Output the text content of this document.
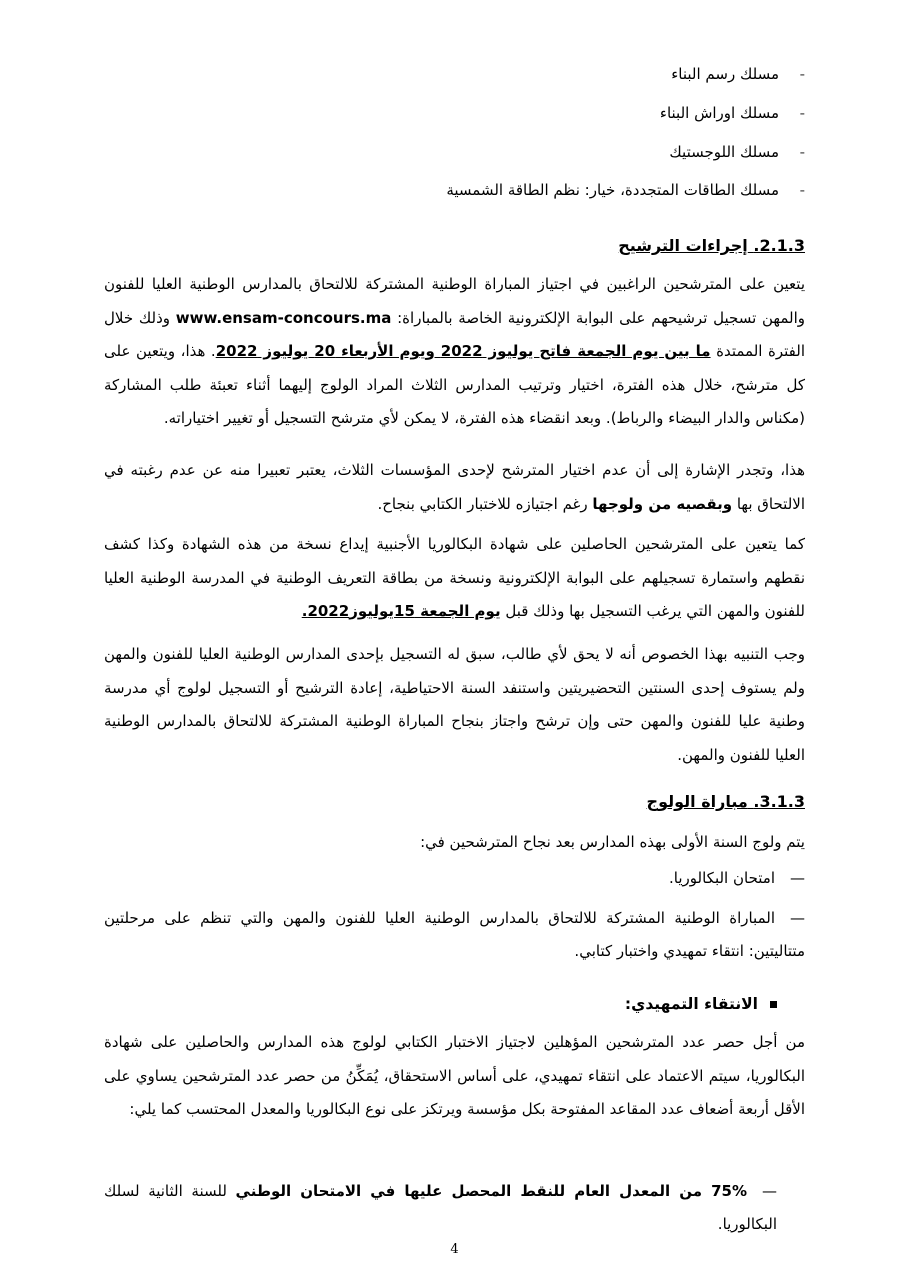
-مسلك رسم البناء
-مسلك اوراش البناء
-مسلك اللوجستيك
-مسلك الطاقات المتجددة، خيار: نظم الطاقة الشمسية
.2.1.3 إجراءات الترشيح
يتعين على المترشحين الراغبين في اجتياز المباراة الوطنية المشتركة للالتحاق بالمدارس الوطنية العليا للفنون والمهن تسجيل ترشيحهم على البوابة الإلكترونية الخاصة بالمباراة: www.ensam-concours.ma وذلك خلال الفترة الممتدة ما بين يوم الجمعة فاتح يوليوز 2022 ويوم الأربعاء 20 يوليوز 2022. هذا، ويتعين على كل مترشح، خلال هذه الفترة، اختيار وترتيب المدارس الثلاث المراد الولوج إليهما أثناء تعبئة طلب المشاركة (مكناس والدار البيضاء والرباط). وبعد انقضاء هذه الفترة، لا يمكن لأي مترشح التسجيل أو تغيير اختياراته.
هذا، وتجدر الإشارة إلى أن عدم اختيار المترشح لإحدى المؤسسات الثلاث، يعتبر تعبيرا منه عن عدم رغبته في الالتحاق بها وبقصيه من ولوجها رغم اجتيازه للاختبار الكتابي بنجاح.
كما يتعين على المترشحين الحاصلين على شهادة البكالوريا الأجنبية إيداع نسخة من هذه الشهادة وكذا كشف نقطهم واستمارة تسجيلهم على البوابة الإلكترونية ونسخة من بطاقة التعريف الوطنية في المدرسة الوطنية العليا للفنون والمهن التي يرغب التسجيل بها وذلك قبل يوم الجمعة 15يوليوز2022.
وجب التنبيه بهذا الخصوص أنه لا يحق لأي طالب، سبق له التسجيل بإحدى المدارس الوطنية العليا للفنون والمهن ولم يستوف إحدى السنتين التحضيريتين واستنفد السنة الاحتياطية، إعادة الترشيح أو التسجيل لولوج أي مدرسة وطنية عليا للفنون والمهن حتى وإن ترشح واجتاز بنجاح المباراة الوطنية المشتركة للالتحاق بالمدارس الوطنية العليا للفنون والمهن.
.3.1.3 مباراة الولوج
يتم ولوج السنة الأولى بهذه المدارس بعد نجاح المترشحين في:
—امتحان البكالوريا.
—المباراة الوطنية المشتركة للالتحاق بالمدارس الوطنية العليا للفنون والمهن والتي تنظم على مرحلتين متتاليتين: انتقاء تمهيدي واختبار كتابي.
الانتقاء التمهيدي:
من أجل حصر عدد المترشحين المؤهلين لاجتياز الاختبار الكتابي لولوج هذه المدارس والحاصلين على شهادة البكالوريا، سيتم الاعتماد على انتقاء تمهيدي، على أساس الاستحقاق، يُمَكِّنُ من حصر عدد المترشحين يساوي على الأقل أربعة أضعاف عدد المقاعد المفتوحة بكل مؤسسة ويرتكز على نوع البكالوريا والمعدل المحتسب كما يلي:
—75% من المعدل العام للنقط المحصل عليها في الامتحان الوطني للسنة الثانية لسلك البكالوريا.
4
